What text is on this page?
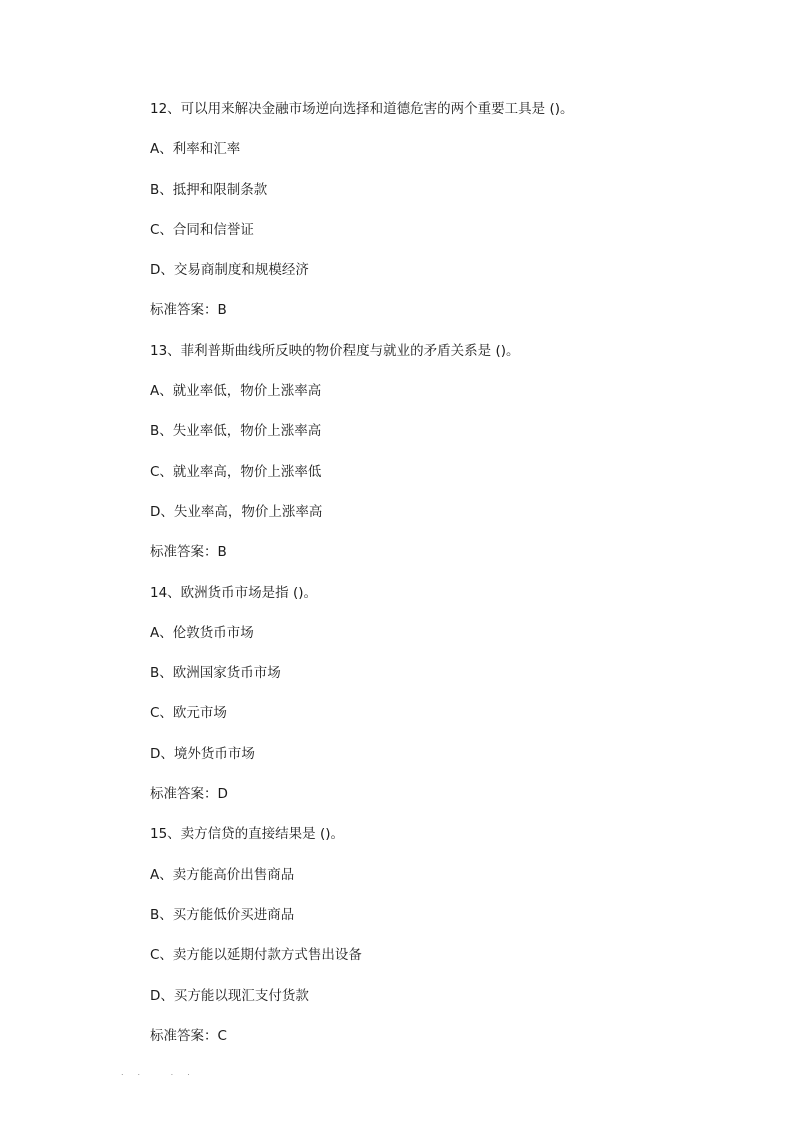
12、可以用来解决金融市场逆向选择和道德危害的两个重要工具是 ()。
A、利率和汇率
B、抵押和限制条款
C、合同和信誉证
D、交易商制度和规模经济
标准答案：B
13、菲利普斯曲线所反映的物价程度与就业的矛盾关系是 ()。
A、就业率低，物价上涨率高
B、失业率低，物价上涨率高
C、就业率高，物价上涨率低
D、失业率高，物价上涨率高
标准答案：B
14、欧洲货币市场是指 ()。
A、伦敦货币市场
B、欧洲国家货币市场
C、欧元市场
D、境外货币市场
标准答案：D
15、卖方信贷的直接结果是 ()。
A、卖方能高价出售商品
B、买方能低价买进商品
C、卖方能以延期付款方式售出设备
D、买方能以现汇支付货款
标准答案：C
.. ..
